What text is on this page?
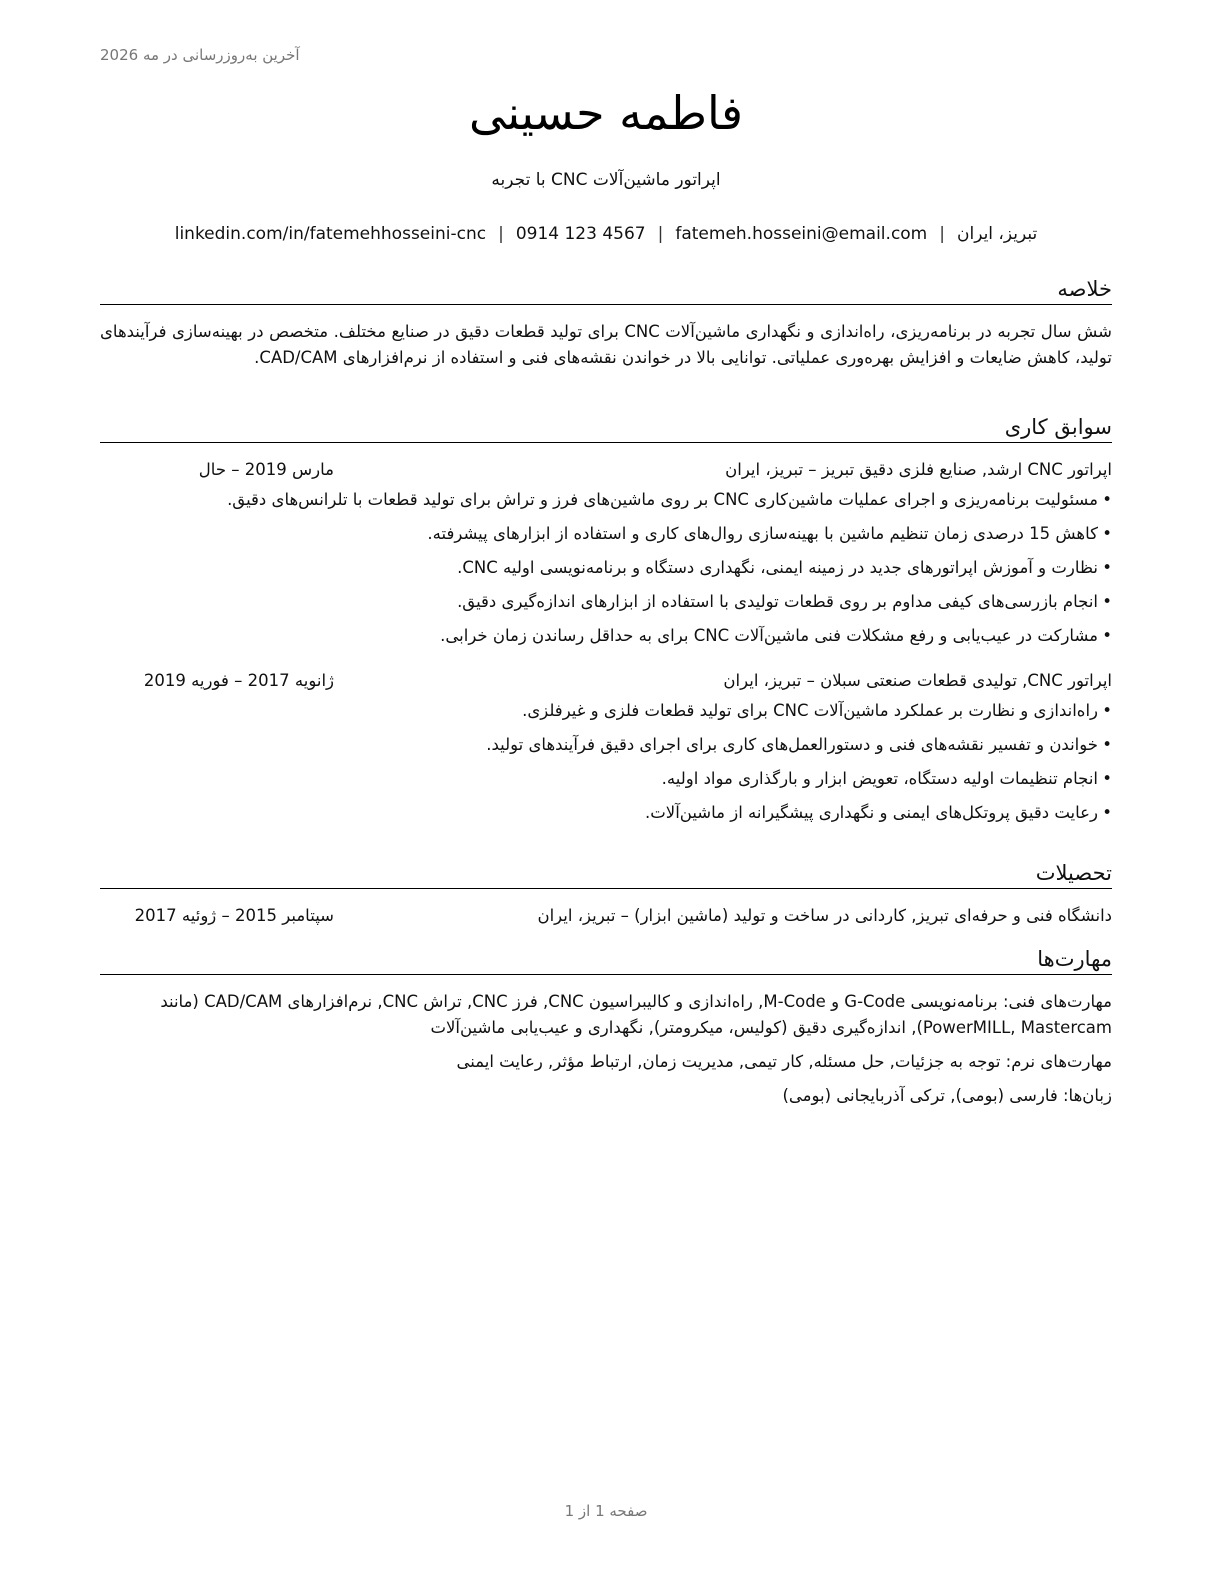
آخرین به‌روزرسانی در مه 2026
فاطمه حسینی
اپراتور ماشین‌آلات CNC با تجربه
تبریز، ایران|fatemeh.hosseini@email.com|0914 123 4567|linkedin.com/in/fatemehhosseini-cnc
خلاصه
شش سال تجربه در برنامه‌ریزی، راه‌اندازی و نگهداری ماشین‌آلات CNC برای تولید قطعات دقیق در صنایع مختلف. متخصص در بهینه‌سازی فرآیندهای تولید، کاهش ضایعات و افزایش بهره‌وری عملیاتی. توانایی بالا در خواندن نقشه‌های فنی و استفاده از نرم‌افزارهای CAD/CAM.
سوابق کاری
اپراتور CNC ارشد, صنایع فلزی دقیق تبریز – تبریز، ایران
مارس 2019 – حال
• مسئولیت برنامه‌ریزی و اجرای عملیات ماشین‌کاری CNC بر روی ماشین‌های فرز و تراش برای تولید قطعات با تلرانس‌های دقیق.
• کاهش 15 درصدی زمان تنظیم ماشین با بهینه‌سازی روال‌های کاری و استفاده از ابزارهای پیشرفته.
• نظارت و آموزش اپراتورهای جدید در زمینه ایمنی، نگهداری دستگاه و برنامه‌نویسی اولیه CNC.
• انجام بازرسی‌های کیفی مداوم بر روی قطعات تولیدی با استفاده از ابزارهای اندازه‌گیری دقیق.
• مشارکت در عیب‌یابی و رفع مشکلات فنی ماشین‌آلات CNC برای به حداقل رساندن زمان خرابی.
اپراتور CNC, تولیدی قطعات صنعتی سبلان – تبریز، ایران
ژانویه 2017 – فوریه 2019
• راه‌اندازی و نظارت بر عملکرد ماشین‌آلات CNC برای تولید قطعات فلزی و غیرفلزی.
• خواندن و تفسیر نقشه‌های فنی و دستورالعمل‌های کاری برای اجرای دقیق فرآیندهای تولید.
• انجام تنظیمات اولیه دستگاه، تعویض ابزار و بارگذاری مواد اولیه.
• رعایت دقیق پروتکل‌های ایمنی و نگهداری پیشگیرانه از ماشین‌آلات.
تحصیلات
دانشگاه فنی و حرفه‌ای تبریز, کاردانی در ساخت و تولید (ماشین ابزار) – تبریز، ایران
سپتامبر 2015 – ژوئیه 2017
مهارت‌ها
مهارت‌های فنی: برنامه‌نویسی G-Code و M-Code, راه‌اندازی و کالیبراسیون CNC, فرز CNC, تراش CNC, نرم‌افزارهای CAD/CAM (مانند PowerMILL, Mastercam), اندازه‌گیری دقیق (کولیس، میکرومتر), نگهداری و عیب‌یابی ماشین‌آلات
مهارت‌های نرم: توجه به جزئیات, حل مسئله, کار تیمی, مدیریت زمان, ارتباط مؤثر, رعایت ایمنی
زبان‌ها: فارسی (بومی), ترکی آذربایجانی (بومی)
صفحه 1 از 1
